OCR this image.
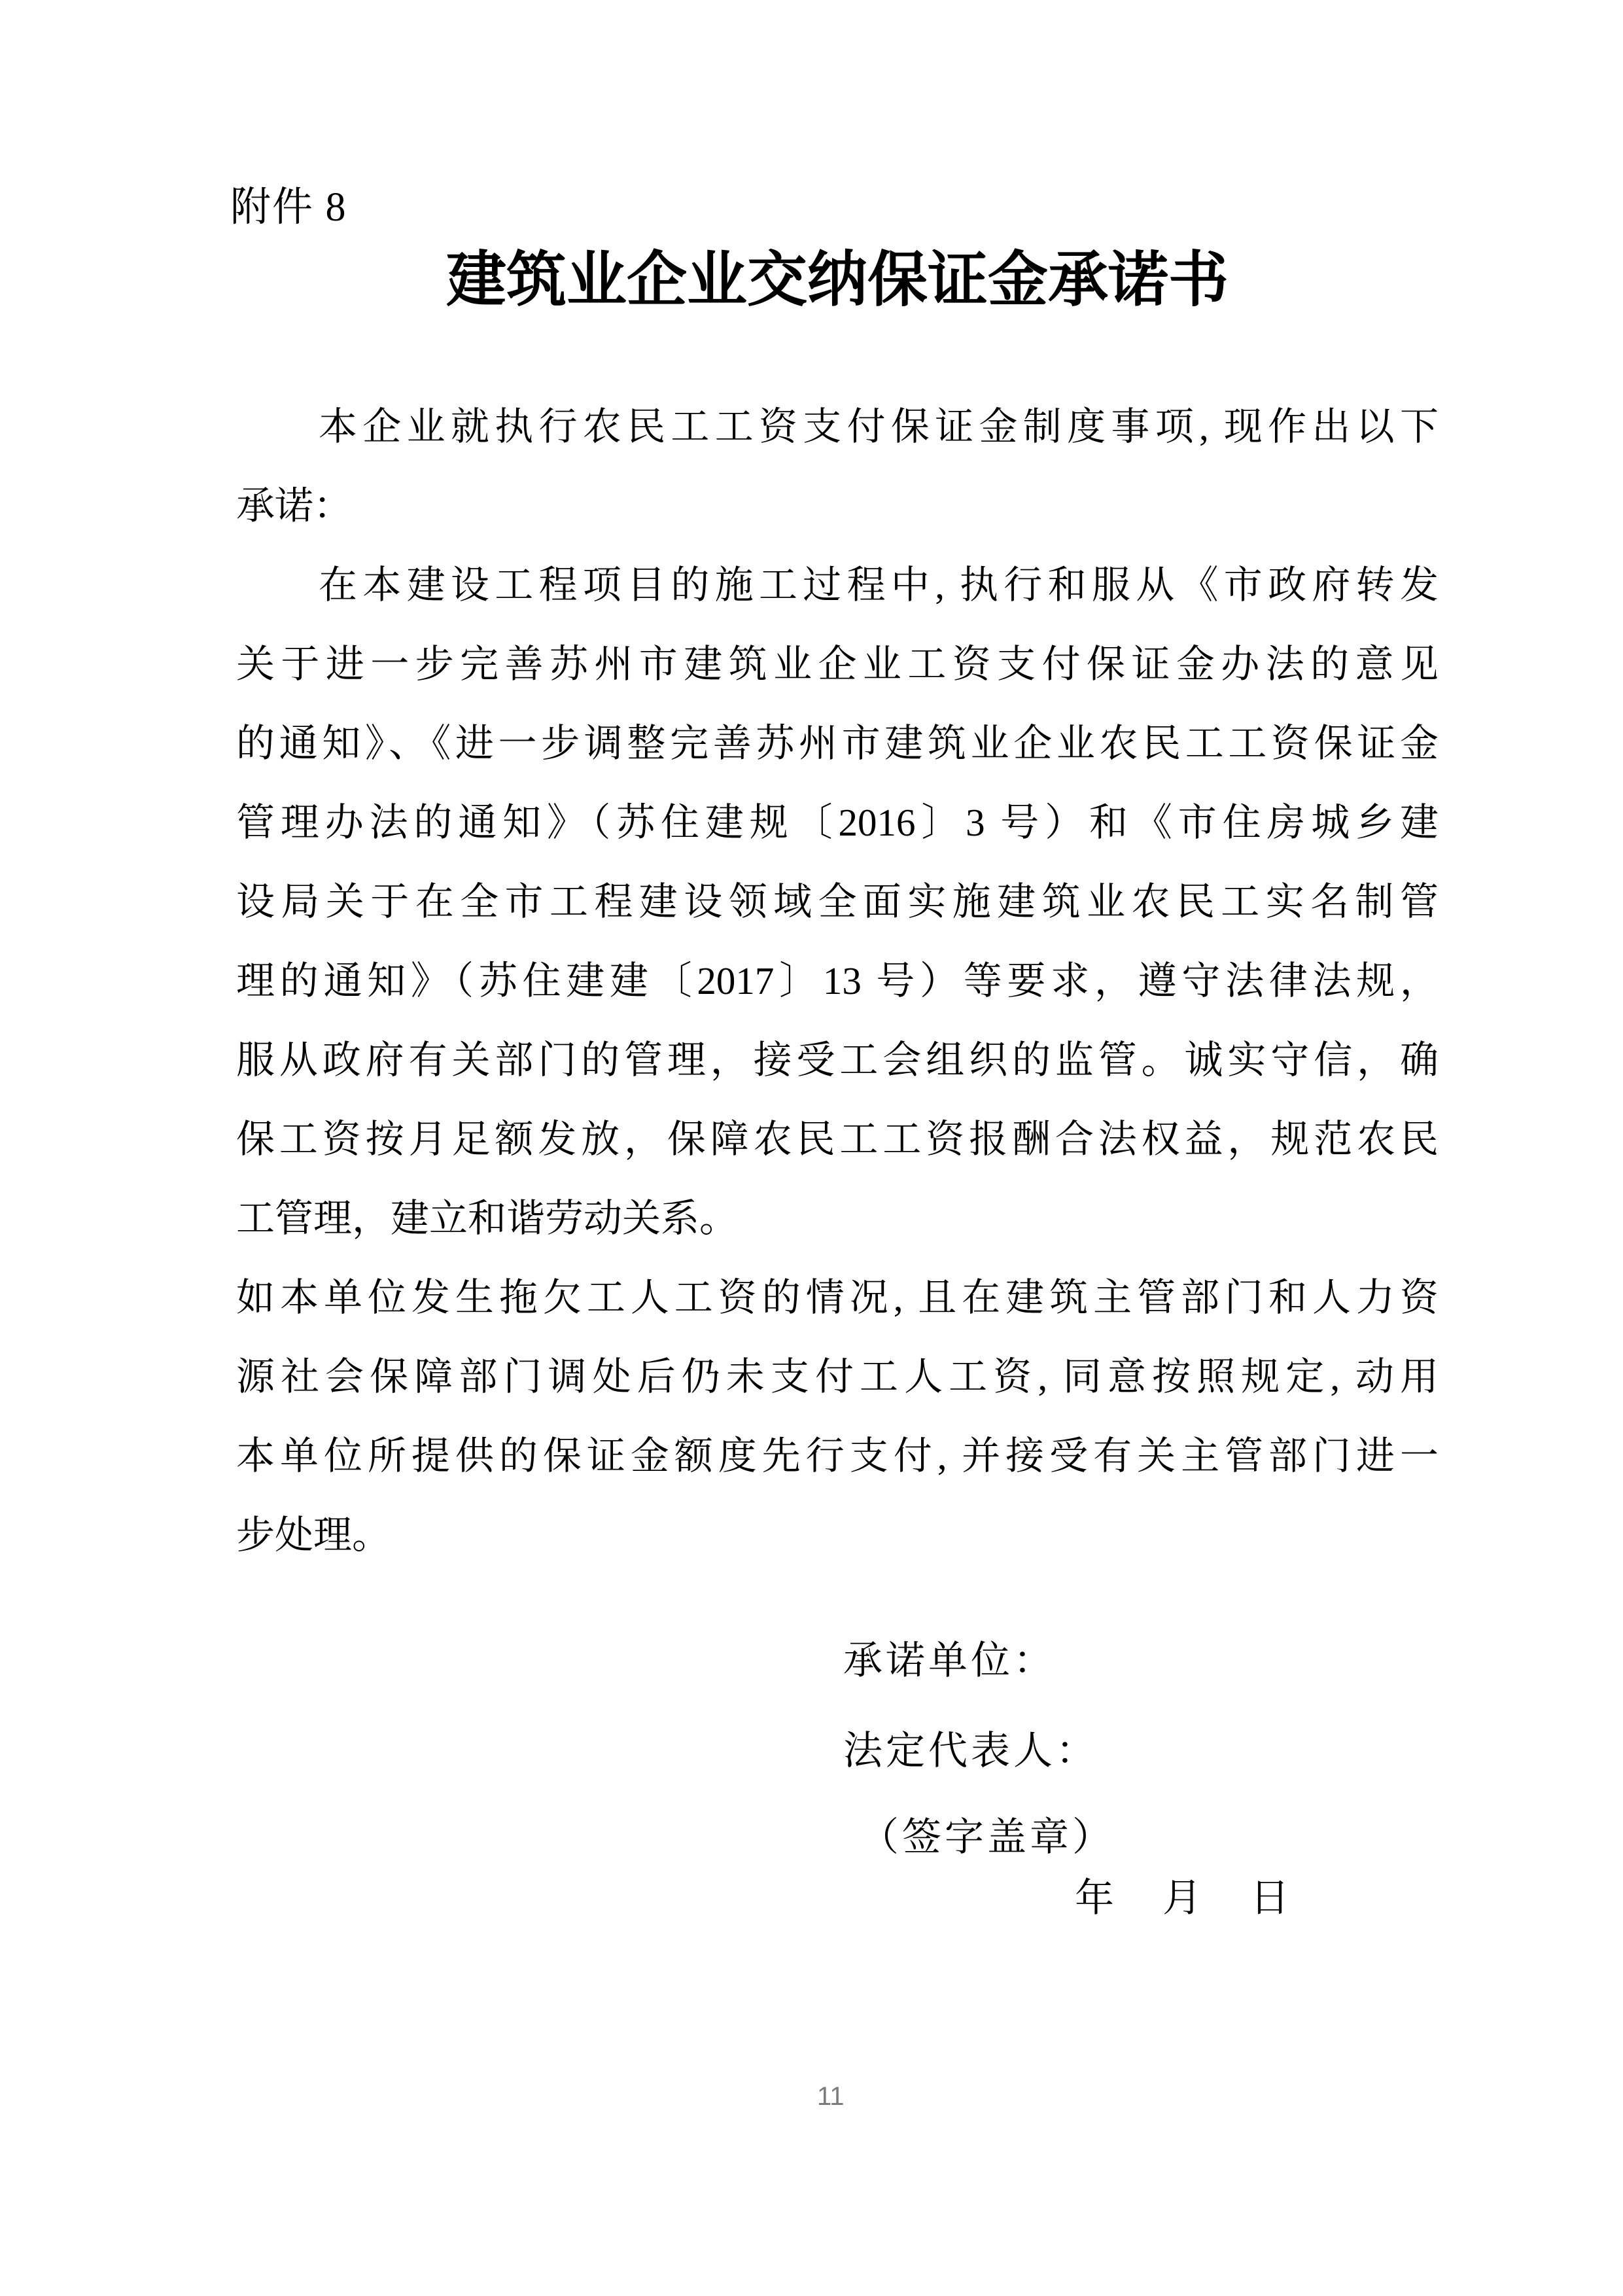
附件 8
建筑业企业交纳保证金承诺书
本企业就执行农民工工资支付保证金制度事项, 现作出以下
承诺：
在本建设工程项目的施工过程中, 执行和服从《市政府转发
关于进一步完善苏州市建筑业企业工资支付保证金办法的意见
的通知》、《进一步调整完善苏州市建筑业企业农民工工资保证金
管理办法的通知》（苏住建规〔2016〕3 号）和《市住房城乡建
设局关于在全市工程建设领域全面实施建筑业农民工实名制管
理的通知》（苏住建建〔2017〕13 号）等要求，遵守法律法规，
服从政府有关部门的管理，接受工会组织的监管。诚实守信，确
保工资按月足额发放，保障农民工工资报酬合法权益，规范农民
工管理，建立和谐劳动关系。
如本单位发生拖欠工人工资的情况, 且在建筑主管部门和人力资
源社会保障部门调处后仍未支付工人工资, 同意按照规定, 动用
本单位所提供的保证金额度先行支付, 并接受有关主管部门进一
步处理。
承诺单位：
法定代表人：
（签字盖章）
年　月　日
11
